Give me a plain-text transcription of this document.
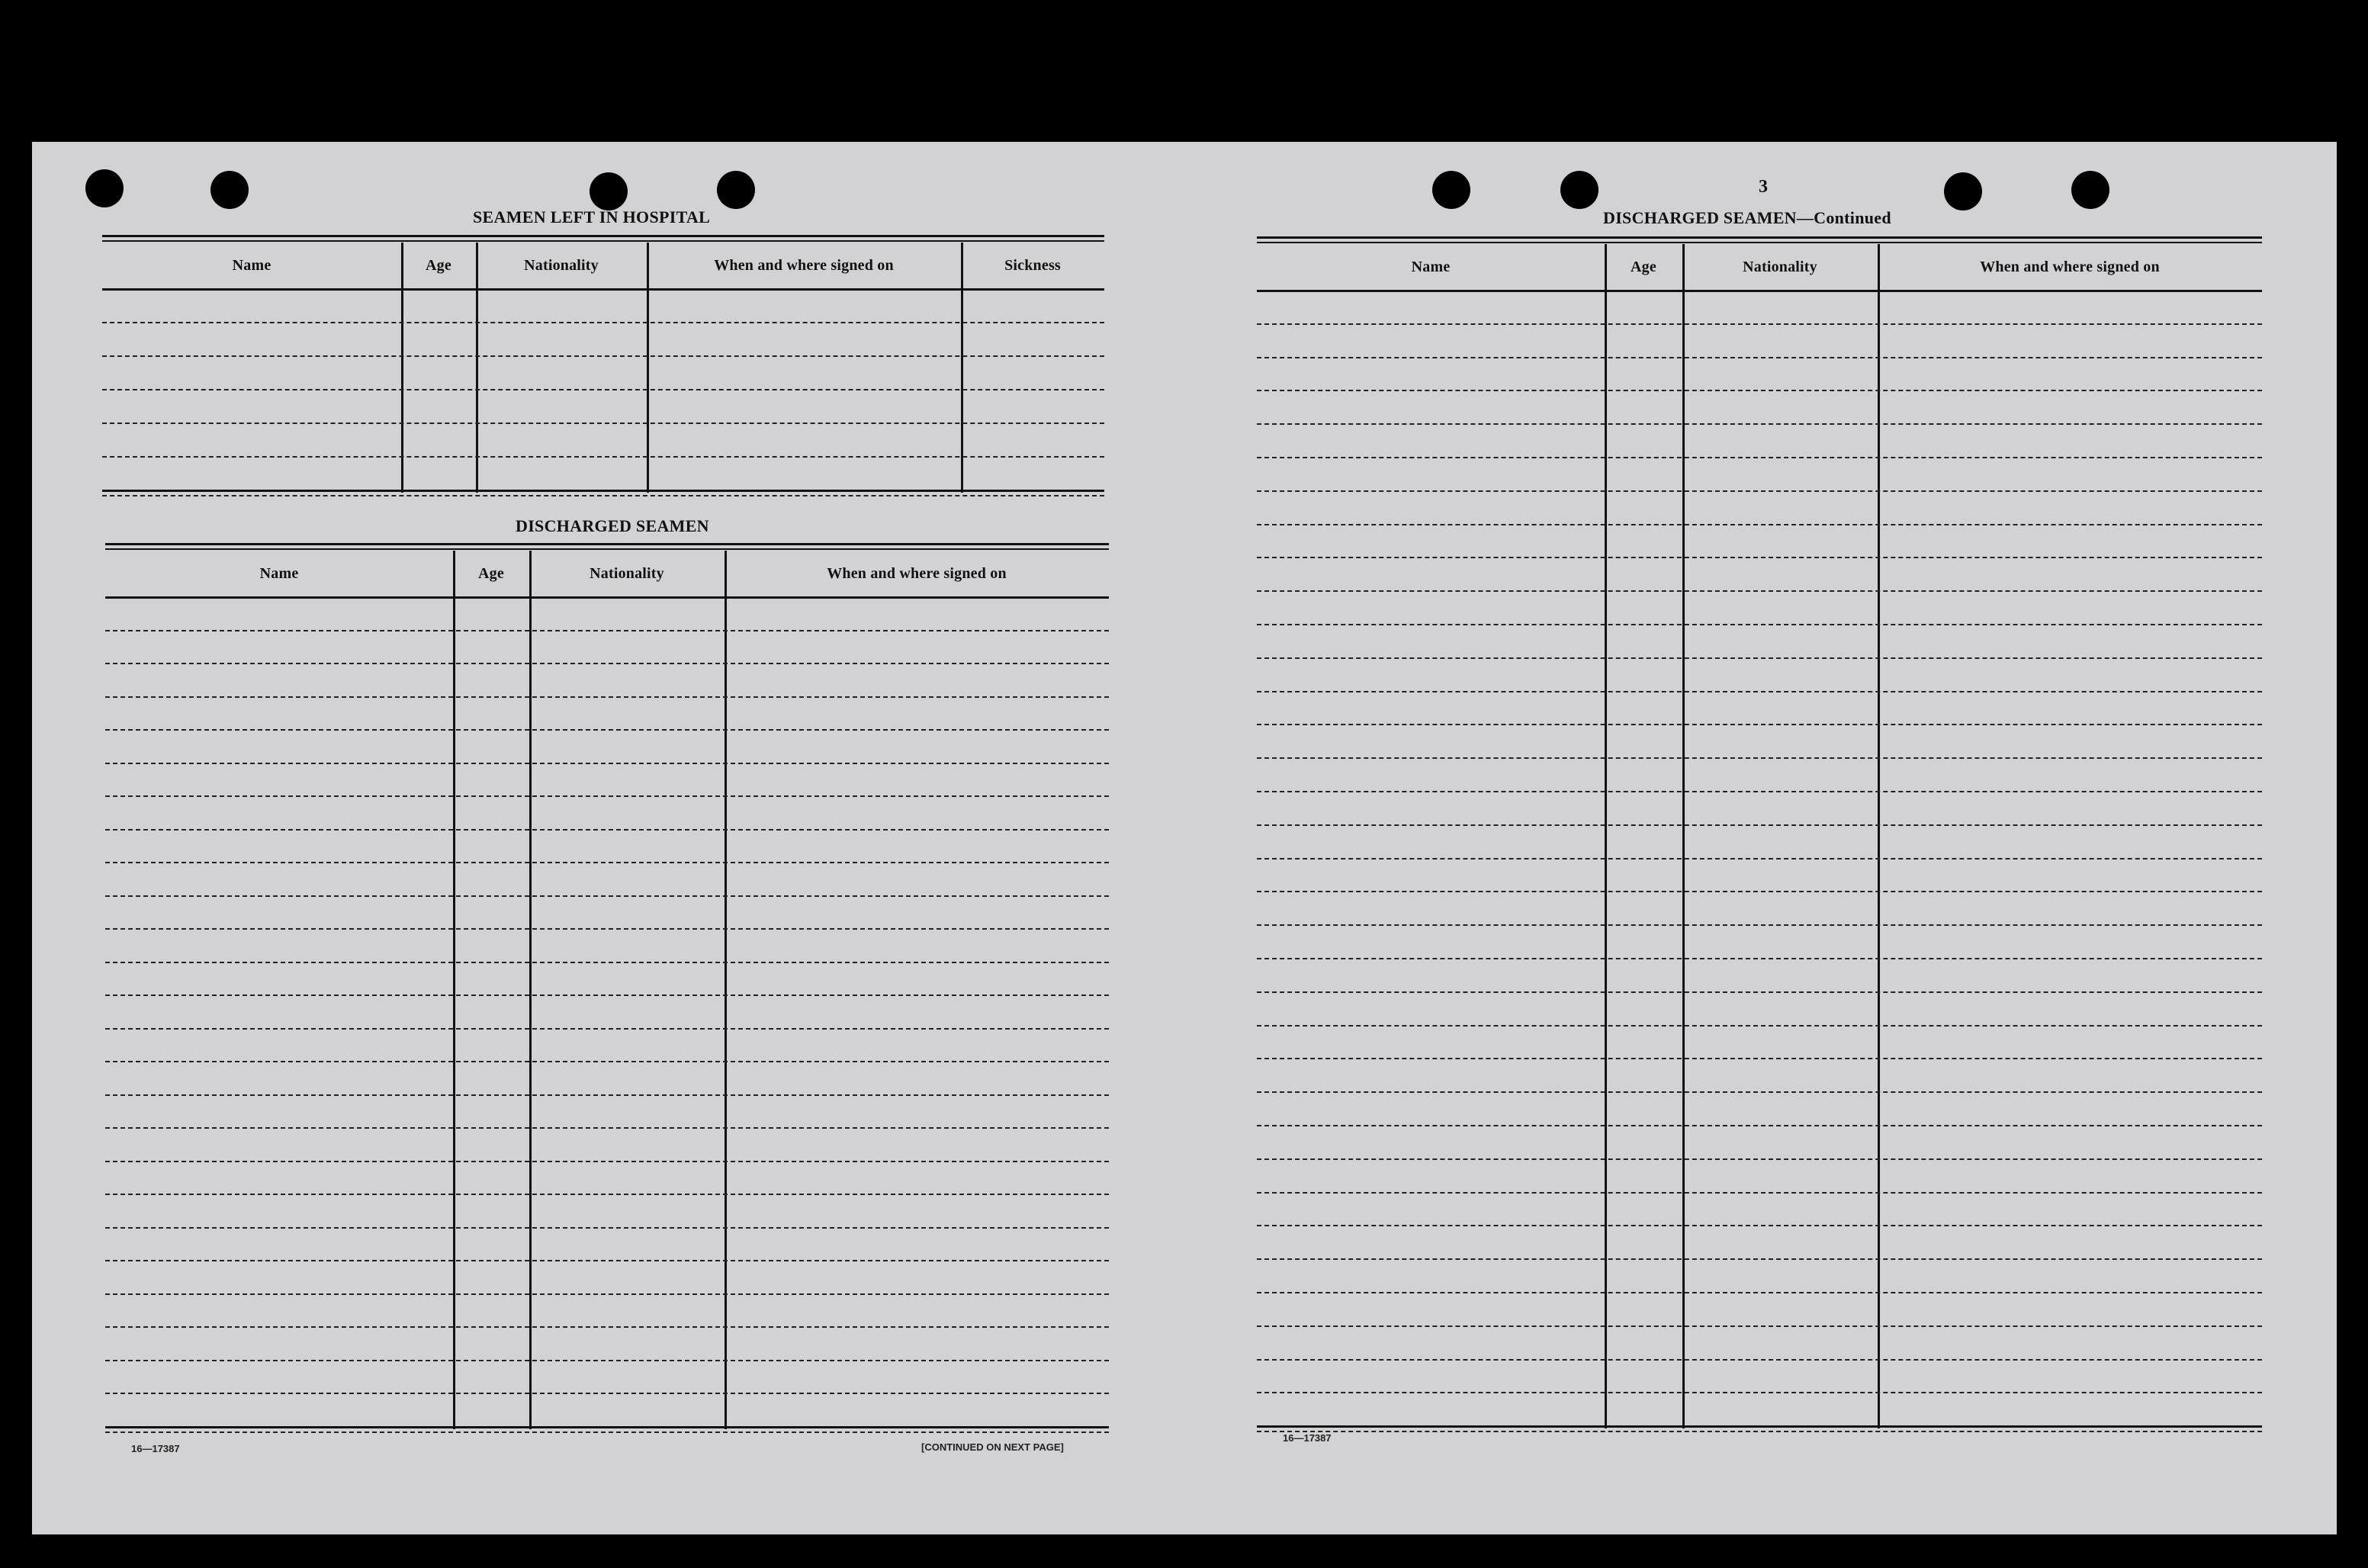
3
SEAMEN LEFT IN HOSPITAL
Name	Age	Nationality	When and where signed on	Sickness
DISCHARGED SEAMEN
Name	Age	Nationality	When and where signed on
16—17387	[CONTINUED ON NEXT PAGE]
DISCHARGED SEAMEN—Continued
Name	Age	Nationality	When and where signed on
16—17387
